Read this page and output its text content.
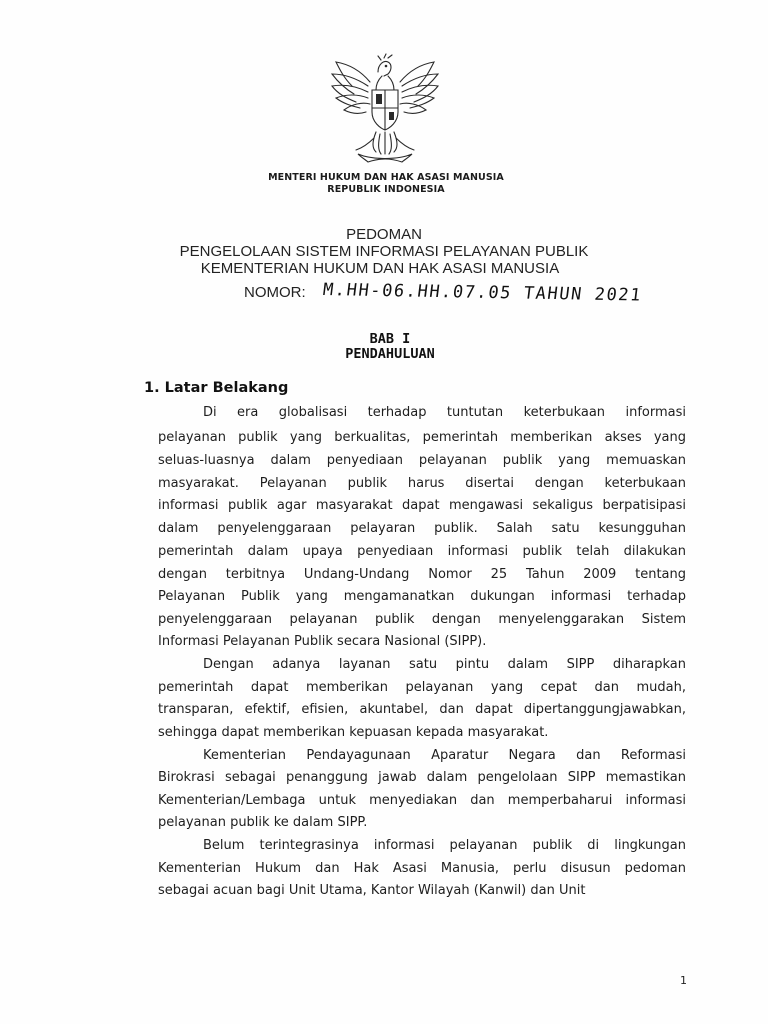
MENTERI HUKUM DAN HAK ASASI MANUSIA
REPUBLIK INDONESIA
PEDOMAN
PENGELOLAAN SISTEM INFORMASI PELAYANAN PUBLIK
KEMENTERIAN HUKUM DAN HAK ASASI MANUSIA
NOMOR: M.HH-06.HH.07.05 TAHUN 2021
BAB I
PENDAHULUAN
1. Latar Belakang
Di era globalisasi terhadap tuntutan keterbukaan informasi
pelayanan publik yang berkualitas, pemerintah memberikan akses yang
seluas-luasnya dalam penyediaan pelayanan publik yang memuaskan
masyarakat. Pelayanan publik harus disertai dengan keterbukaan
informasi publik agar masyarakat dapat mengawasi sekaligus berpatisipasi
dalam penyelenggaraan pelayaran publik. Salah satu kesungguhan
pemerintah dalam upaya penyediaan informasi publik telah dilakukan
dengan terbitnya Undang-Undang Nomor 25 Tahun 2009 tentang
Pelayanan Publik yang mengamanatkan dukungan informasi terhadap
penyelenggaraan pelayanan publik dengan menyelenggarakan Sistem
Informasi Pelayanan Publik secara Nasional (SIPP).
Dengan adanya layanan satu pintu dalam SIPP diharapkan
pemerintah dapat memberikan pelayanan yang cepat dan mudah,
transparan, efektif, efisien, akuntabel, dan dapat dipertanggungjawabkan,
sehingga dapat memberikan kepuasan kepada masyarakat.
Kementerian Pendayagunaan Aparatur Negara dan Reformasi
Birokrasi sebagai penanggung jawab dalam pengelolaan SIPP memastikan
Kementerian/Lembaga untuk menyediakan dan memperbaharui informasi
pelayanan publik ke dalam SIPP.
Belum terintegrasinya informasi pelayanan publik di lingkungan
Kementerian Hukum dan Hak Asasi Manusia, perlu disusun pedoman
sebagai acuan bagi Unit Utama, Kantor Wilayah (Kanwil) dan Unit
1
